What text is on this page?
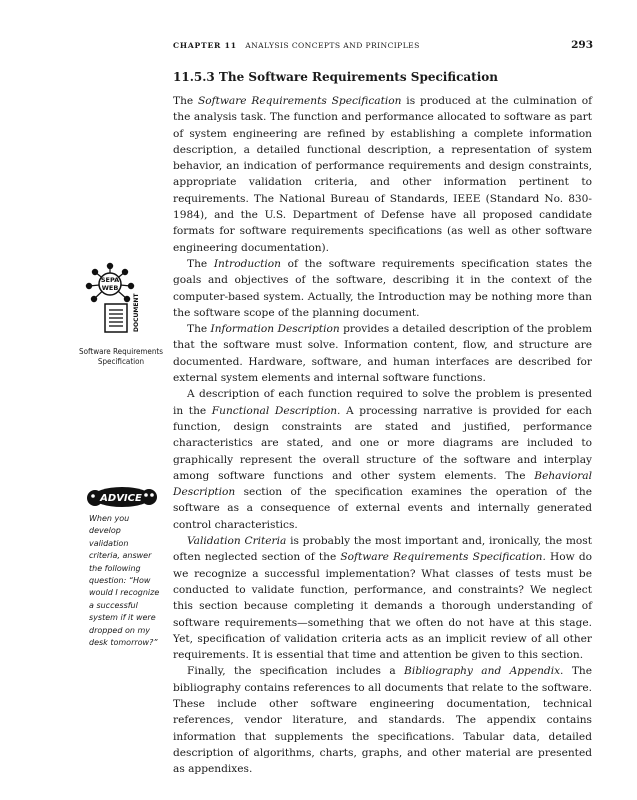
CHAPTER 11 ANALYSIS CONCEPTS AND PRINCIPLES	293
11.5.3 The Software Requirements Specification

The Software Requirements Specification is produced at the culmination of the analysis task. The function and performance allocated to software as part of system engineering are refined by establishing a complete information description, a detailed functional description, a representation of system behavior, an indication of performance requirements and design constraints, appropriate validation criteria, and other information pertinent to requirements. The National Bureau of Standards, IEEE (Standard No. 830-1984), and the U.S. Department of Defense have all proposed candidate formats for software requirements specifications (as well as other software engineering documentation).

The Introduction of the software requirements specification states the goals and objectives of the software, describing it in the context of the computer-based system. Actually, the Introduction may be nothing more than the software scope of the planning document.

The Information Description provides a detailed description of the problem that the software must solve. Information content, flow, and structure are documented. Hardware, software, and human interfaces are described for external system elements and internal software functions.

A description of each function required to solve the problem is presented in the Functional Description. A processing narrative is provided for each function, design constraints are stated and justified, performance characteristics are stated, and one or more diagrams are included to graphically represent the overall structure of the software and interplay among software functions and other system elements. The Behavioral Description section of the specification examines the operation of the software as a consequence of external events and internally generated control characteristics.

Validation Criteria is probably the most important and, ironically, the most often neglected section of the Software Requirements Specification. How do we recognize a successful implementation? What classes of tests must be conducted to validate function, performance, and constraints? We neglect this section because completing it demands a thorough understanding of software requirements—something that we often do not have at this stage. Yet, specification of validation criteria acts as an implicit review of all other requirements. It is essential that time and attention be given to this section.

Finally, the specification includes a Bibliography and Appendix. The bibliography contains references to all documents that relate to the software. These include other software engineering documentation, technical references, vendor literature, and standards. The appendix contains information that supplements the specifications. Tabular data, detailed description of algorithms, charts, graphs, and other material are presented as appendixes.

SEPA
WEB
DOCUMENT
Software Requirements Specification
ADVICE
When you develop validation criteria, answer the following question: “How would I recognize a successful system if it were dropped on my desk tomorrow?”
